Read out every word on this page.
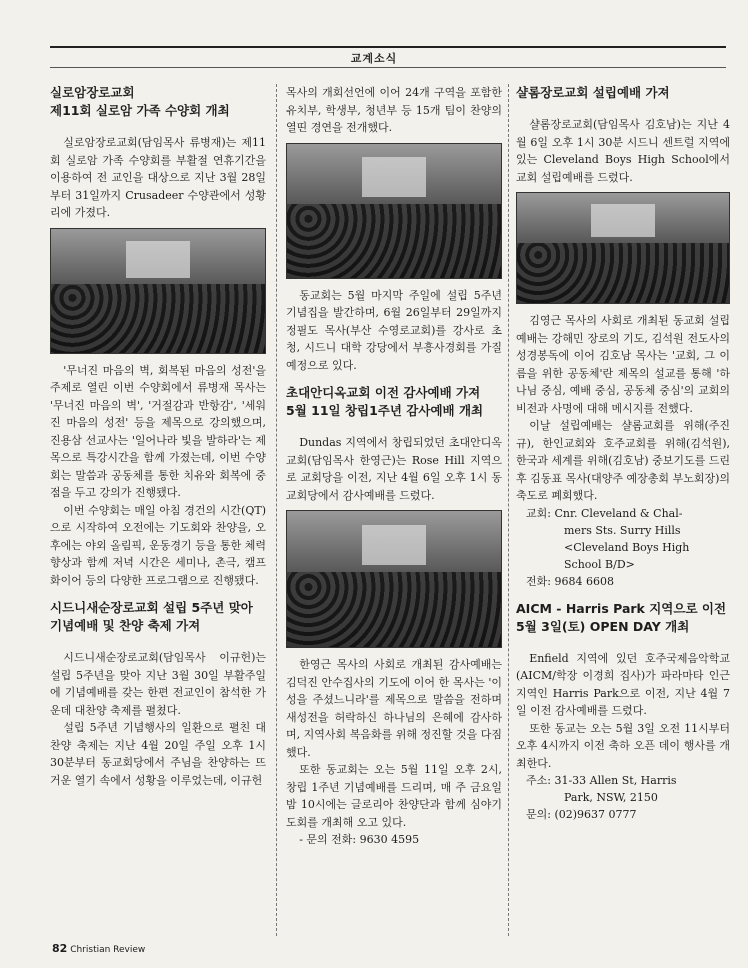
교계소식
실로암장로교회
제11회 실로암 가족 수양회 개최

실로암장로교회(담임목사 류병재)는 제11회 실로암 가족 수양회를 부활절 연휴기간을 이용하여 전 교인을 대상으로 지난 3월 28일부터 31일까지 Crusadeer 수양관에서 성황리에 가졌다.

'무너진 마음의 벽, 회복된 마음의 성전'을 주제로 열린 이번 수양회에서 류병재 목사는 '무너진 마음의 벽', '거절감과 반항감', '세워진 마음의 성전' 등을 제목으로 강의했으며, 진용삼 선교사는 '일어나라 빛을 발하라'는 제목으로 특강시간을 함께 가졌는데, 이번 수양회는 말씀과 공동체를 통한 치유와 회복에 중점을 두고 강의가 진행됐다.

이번 수양회는 매일 아침 경건의 시간(QT)으로 시작하여 오전에는 기도회와 찬양을, 오후에는 야외 올림픽, 운동경기 등을 통한 체력 향상과 함께 저녁 시간은 세미나, 촌극, 캠프 화이어 등의 다양한 프로그램으로 진행됐다.

시드니새순장로교회 설립 5주년 맞아
기념예배 및 찬양 축제 가져

시드니새순장로교회(담임목사 이규헌)는 설립 5주년을 맞아 지난 3월 30일 부활주일에 기념예배를 갖는 한편 전교인이 참석한 가운데 대찬양 축제를 펼쳤다.

설립 5주년 기념행사의 일환으로 펼친 대찬양 축제는 지난 4월 20일 주일 오후 1시 30분부터 동교회당에서 주님을 찬양하는 뜨거운 열기 속에서 성황을 이루었는데, 이규헌

목사의 개회선언에 이어 24개 구역을 포함한 유치부, 학생부, 청년부 등 15개 팀이 찬양의 열띤 경연을 전개했다.

동교회는 5월 마지막 주일에 설립 5주년 기념집을 발간하며, 6월 26일부터 29일까지 정필도 목사(부산 수영로교회)를 강사로 초청, 시드니 대학 강당에서 부흥사경회를 가질 예정으로 있다.

초대안디옥교회 이전 감사예배 가져
5월 11일 창립1주년 감사예배 개최

Dundas 지역에서 창립되었던 초대안디옥교회(담임목사 한영근)는 Rose Hill 지역으로 교회당을 이전, 지난 4월 6일 오후 1시 동교회당에서 감사예배를 드렸다.

한영근 목사의 사회로 개최된 감사예배는 김덕진 안수집사의 기도에 이어 한 목사는 '이 성을 주셨느니라'를 제목으로 말씀을 전하며 새성전을 허락하신 하나님의 은혜에 감사하며, 지역사회 복음화를 위해 정진할 것을 다짐했다.

또한 동교회는 오는 5월 11일 오후 2시, 창립 1주년 기념예배를 드리며, 매 주 금요일 밤 10시에는 글로리아 찬양단과 함께 심야기도회를 개최해 오고 있다.

- 문의 전화: 9630 4595

샬롬장로교회 설립예배 가져

샬롬장로교회(담임목사 김호남)는 지난 4월 6일 오후 1시 30분 시드니 센트럴 지역에 있는 Cleveland Boys High School에서 교회 설립예배를 드렸다.

김영근 목사의 사회로 개최된 동교회 설립예배는 강해민 장로의 기도, 김석원 전도사의 성경봉독에 이어 김호남 목사는 '교회, 그 이름을 위한 공동체'란 제목의 설교를 통해 '하나님 중심, 예배 중심, 공동체 중심'의 교회의 비전과 사명에 대해 메시지를 전했다.

이날 설립예배는 샬롬교회를 위해(주진규), 한인교회와 호주교회를 위해(김석원), 한국과 세계를 위해(김호남) 중보기도를 드린 후 김동표 목사(대양주 예장총회 부노회장)의 축도로 폐회했다.

교회: Cnr. Cleveland & Chal-
mers Sts. Surry Hills
<Cleveland Boys High
School B/D>
전화: 9684 6608
AICM - Harris Park 지역으로 이전
5월 3일(토) OPEN DAY 개최

Enfield 지역에 있던 호주국제음악학교(AICM/학장 이경희 집사)가 파라마타 인근지역인 Harris Park으로 이전, 지난 4월 7일 이전 감사예배를 드렸다.

또한 동교는 오는 5월 3일 오전 11시부터 오후 4시까지 이전 축하 오픈 데이 행사를 개최한다.

주소: 31-33 Allen St, Harris
Park, NSW, 2150
문의: (02)9637 0777
82 Christian Review
